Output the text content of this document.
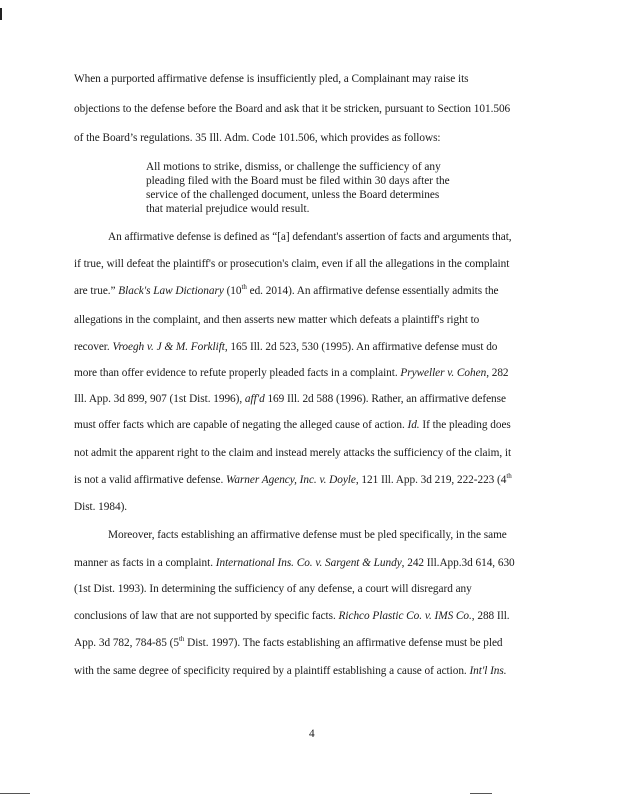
When a purported affirmative defense is insufficiently pled, a Complainant may raise its
objections to the defense before the Board and ask that it be stricken, pursuant to Section 101.506
of the Board’s regulations. 35 Ill. Adm. Code 101.506, which provides as follows:
All motions to strike, dismiss, or challenge the sufficiency of any
pleading filed with the Board must be filed within 30 days after the
service of the challenged document, unless the Board determines
that material prejudice would result.
An affirmative defense is defined as “[a] defendant's assertion of facts and arguments that,
if true, will defeat the plaintiff's or prosecution's claim, even if all the allegations in the complaint
are true.” Black's Law Dictionary (10th ed. 2014). An affirmative defense essentially admits the
allegations in the complaint, and then asserts new matter which defeats a plaintiff's right to
recover. Vroegh v. J & M. Forklift, 165 Ill. 2d 523, 530 (1995). An affirmative defense must do
more than offer evidence to refute properly pleaded facts in a complaint. Pryweller v. Cohen, 282
Ill. App. 3d 899, 907 (1st Dist. 1996), aff'd 169 Ill. 2d 588 (1996). Rather, an affirmative defense
must offer facts which are capable of negating the alleged cause of action. Id. If the pleading does
not admit the apparent right to the claim and instead merely attacks the sufficiency of the claim, it
is not a valid affirmative defense. Warner Agency, Inc. v. Doyle, 121 Ill. App. 3d 219, 222-223 (4th
Dist. 1984).
Moreover, facts establishing an affirmative defense must be pled specifically, in the same
manner as facts in a complaint. International Ins. Co. v. Sargent & Lundy, 242 Ill.App.3d 614, 630
(1st Dist. 1993). In determining the sufficiency of any defense, a court will disregard any
conclusions of law that are not supported by specific facts. Richco Plastic Co. v. IMS Co., 288 Ill.
App. 3d 782, 784-85 (5th Dist. 1997). The facts establishing an affirmative defense must be pled
with the same degree of specificity required by a plaintiff establishing a cause of action. Int'l Ins.
4
